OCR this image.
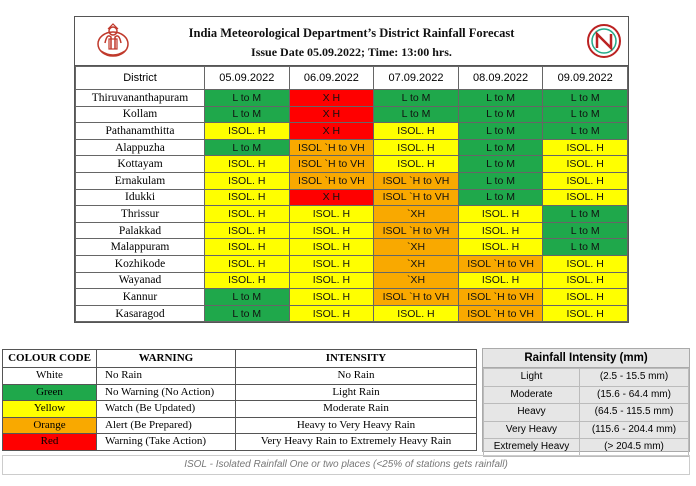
India Meteorological Department’s District Rainfall Forecast
Issue Date 05.09.2022; Time: 13:00 hrs.
District	05.09.2022	06.09.2022	07.09.2022	08.09.2022	09.09.2022
Thiruvananthapuram	L to M	X H	L to M	L to M	L to M
Kollam	L to M	X H	L to M	L to M	L to M
Pathanamthitta	ISOL. H	X H	ISOL. H	L to M	L to M
Alappuzha	L to M	ISOL `H to VH	ISOL. H	L to M	ISOL. H
Kottayam	ISOL. H	ISOL `H to VH	ISOL. H	L to M	ISOL. H
Ernakulam	ISOL. H	ISOL `H to VH	ISOL `H to VH	L to M	ISOL. H
Idukki	ISOL. H	X H	ISOL `H to VH	L to M	ISOL. H
Thrissur	ISOL. H	ISOL. H	`XH	ISOL. H	L to M
Palakkad	ISOL. H	ISOL. H	ISOL `H to VH	ISOL. H	L to M
Malappuram	ISOL. H	ISOL. H	`XH	ISOL. H	L to M
Kozhikode	ISOL. H	ISOL. H	`XH	ISOL `H to VH	ISOL. H
Wayanad	ISOL. H	ISOL. H	`XH	ISOL. H	ISOL. H
Kannur	L to M	ISOL. H	ISOL `H to VH	ISOL `H to VH	ISOL. H
Kasaragod	L to M	ISOL. H	ISOL. H	ISOL `H to VH	ISOL. H
COLOUR CODE	WARNING	INTENSITY
White	No Rain	No Rain
Green	No Warning (No Action)	Light Rain
Yellow	Watch (Be Updated)	Moderate Rain
Orange	Alert (Be Prepared)	Heavy to Very Heavy Rain
Red	Warning (Take Action)	Very Heavy Rain to Extremely Heavy Rain
Rainfall Intensity (mm)
Light	(2.5 - 15.5 mm)
Moderate	(15.6 - 64.4 mm)
Heavy	(64.5 - 115.5 mm)
Very Heavy	(115.6 - 204.4 mm)
Extremely Heavy	(> 204.5 mm)
ISOL - Isolated Rainfall One or two places (<25% of stations gets rainfall)
